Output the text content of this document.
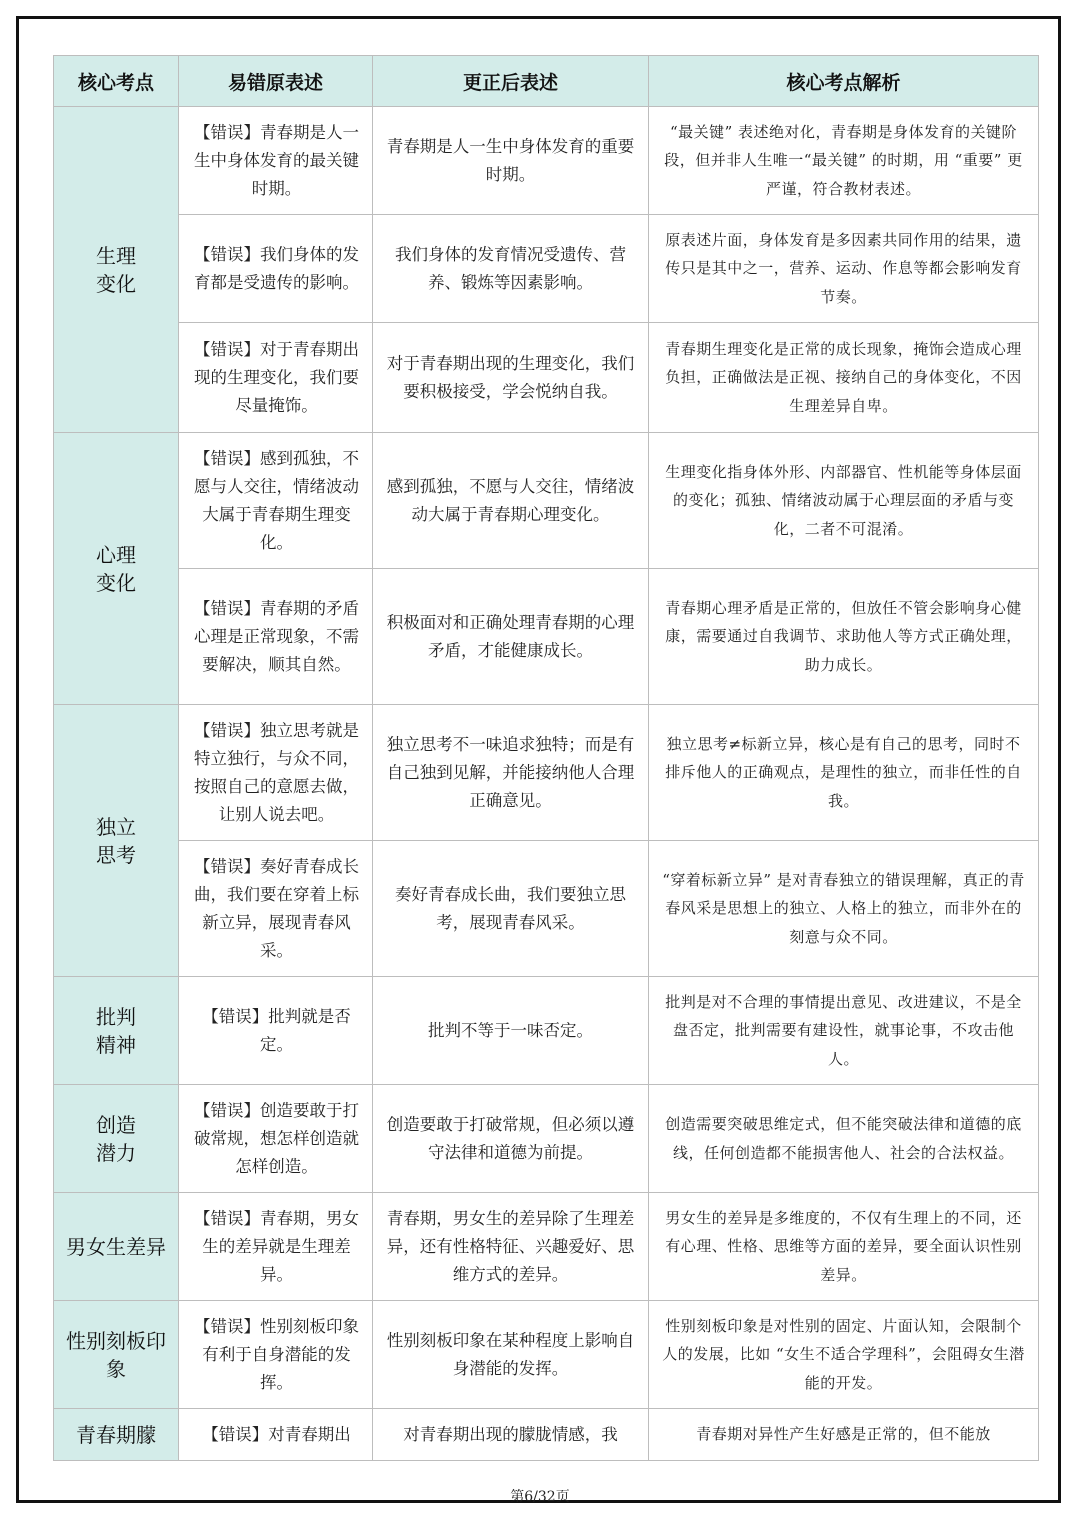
核心考点	易错原表述	更正后表述	核心考点解析

生理变化	【错误】青春期是人一生中身体发育的最关键时期。	青春期是人一生中身体发育的重要时期。	“最关键” 表述绝对化，青春期是身体发育的关键阶段，但并非人生唯一“最关键” 的时期，用 “重要” 更严谨，符合教材表述。
	【错误】我们身体的发育都是受遗传的影响。	我们身体的发育情况受遗传、营养、锻炼等因素影响。	原表述片面，身体发育是多因素共同作用的结果，遗传只是其中之一，营养、运动、作息等都会影响发育节奏。
	【错误】对于青春期出现的生理变化，我们要尽量掩饰。	对于青春期出现的生理变化，我们要积极接受，学会悦纳自我。	青春期生理变化是正常的成长现象，掩饰会造成心理负担，正确做法是正视、接纳自己的身体变化，不因生理差异自卑。

心理变化	【错误】感到孤独，不愿与人交往，情绪波动大属于青春期生理变化。	感到孤独，不愿与人交往，情绪波动大属于青春期心理变化。	生理变化指身体外形、内部器官、性机能等身体层面的变化；孤独、情绪波动属于心理层面的矛盾与变化，二者不可混淆。
	【错误】青春期的矛盾心理是正常现象，不需要解决，顺其自然。	积极面对和正确处理青春期的心理矛盾，才能健康成长。	青春期心理矛盾是正常的，但放任不管会影响身心健康，需要通过自我调节、求助他人等方式正确处理，助力成长。

独立思考	【错误】独立思考就是特立独行，与众不同，按照自己的意愿去做，让别人说去吧。	独立思考不一味追求独特；而是有自己独到见解，并能接纳他人合理正确意见。	独立思考≠标新立异，核心是有自己的思考，同时不排斥他人的正确观点，是理性的独立，而非任性的自我。
	【错误】奏好青春成长曲，我们要在穿着上标新立异，展现青春风采。	奏好青春成长曲，我们要独立思考，展现青春风采。	“穿着标新立异” 是对青春独立的错误理解，真正的青春风采是思想上的独立、人格上的独立，而非外在的刻意与众不同。

批判精神	【错误】批判就是否定。	批判不等于一味否定。	批判是对不合理的事情提出意见、改进建议，不是全盘否定，批判需要有建设性，就事论事，不攻击他人。

创造潜力	【错误】创造要敢于打破常规，想怎样创造就怎样创造。	创造要敢于打破常规，但必须以遵守法律和道德为前提。	创造需要突破思维定式，但不能突破法律和道德的底线，任何创造都不能损害他人、社会的合法权益。

男女生差异	【错误】青春期，男女生的差异就是生理差异。	青春期，男女生的差异除了生理差异，还有性格特征、兴趣爱好、思维方式的差异。	男女生的差异是多维度的，不仅有生理上的不同，还有心理、性格、思维等方面的差异，要全面认识性别差异。

性别刻板印象	【错误】性别刻板印象有利于自身潜能的发挥。	性别刻板印象在某种程度上影响自身潜能的发挥。	性别刻板印象是对性别的固定、片面认知，会限制个人的发展，比如 “女生不适合学理科”，会阻碍女生潜能的开发。

青春期朦	【错误】对青春期出	对青春期出现的朦胧情感，我	青春期对异性产生好感是正常的，但不能放
第6/32页
